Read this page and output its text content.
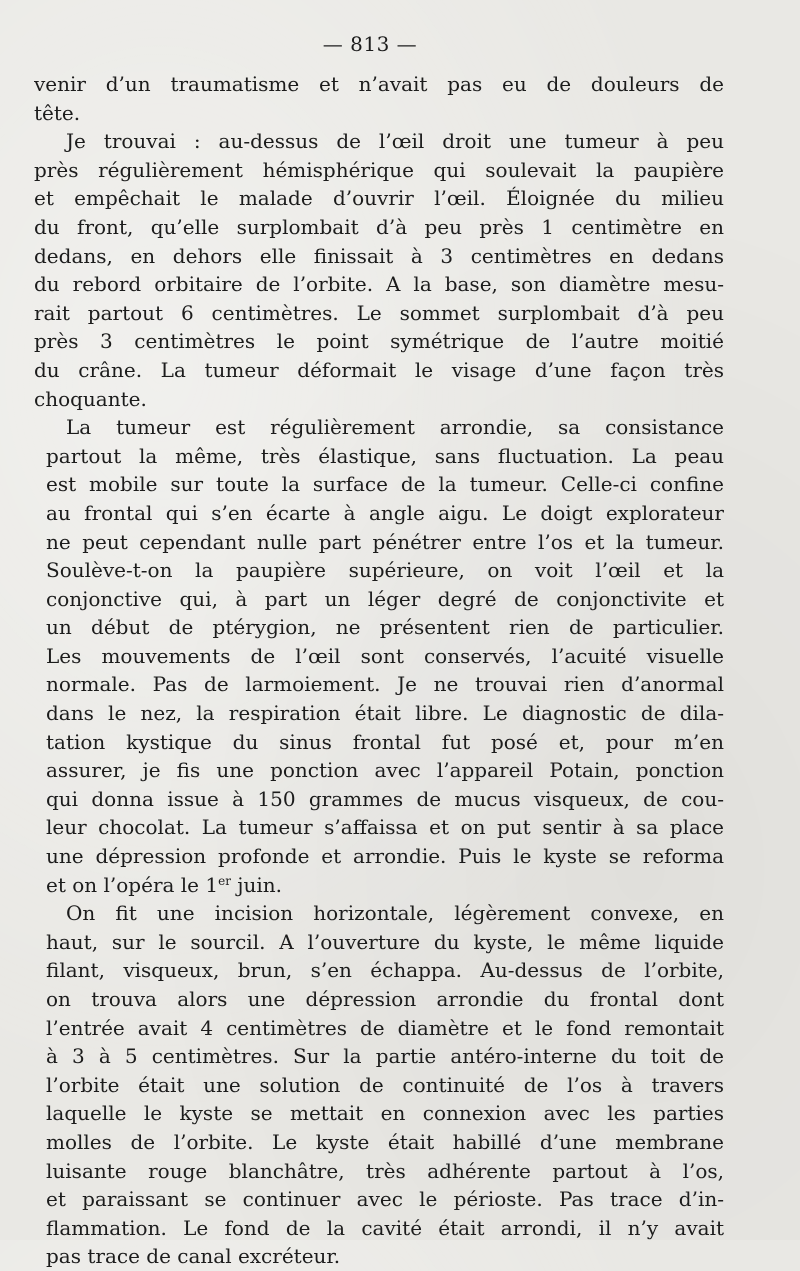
— 813 —
venir d’un traumatisme et n’avait pas eu de douleurs de
tête.
Je trouvai : au-dessus de l’œil droit une tumeur à peu
près régulièrement hémisphérique qui soulevait la paupière
et empêchait le malade d’ouvrir l’œil. Éloignée du milieu
du front, qu’elle surplombait d’à peu près 1 centimètre en
dedans, en dehors elle finissait à 3 centimètres en dedans
du rebord orbitaire de l’orbite. A la base, son diamètre mesu-
rait partout 6 centimètres. Le sommet surplombait d’à peu
près 3 centimètres le point symétrique de l’autre moitié
du crâne. La tumeur déformait le visage d’une façon très
choquante.
La tumeur est régulièrement arrondie, sa consistance
partout la même, très élastique, sans fluctuation. La peau
est mobile sur toute la surface de la tumeur. Celle-ci confine
au frontal qui s’en écarte à angle aigu. Le doigt explorateur
ne peut cependant nulle part pénétrer entre l’os et la tumeur.
Soulève-t-on la paupière supérieure, on voit l’œil et la
conjonctive qui, à part un léger degré de conjonctivite et
un début de ptérygion, ne présentent rien de particulier.
Les mouvements de l’œil sont conservés, l’acuité visuelle
normale. Pas de larmoiement. Je ne trouvai rien d’anormal
dans le nez, la respiration était libre. Le diagnostic de dila-
tation kystique du sinus frontal fut posé et, pour m’en
assurer, je fis une ponction avec l’appareil Potain, ponction
qui donna issue à 150 grammes de mucus visqueux, de cou-
leur chocolat. La tumeur s’affaissa et on put sentir à sa place
une dépression profonde et arrondie. Puis le kyste se reforma
et on l’opéra le 1er juin.
On fit une incision horizontale, légèrement convexe, en
haut, sur le sourcil. A l’ouverture du kyste, le même liquide
filant, visqueux, brun, s’en échappa. Au-dessus de l’orbite,
on trouva alors une dépression arrondie du frontal dont
l’entrée avait 4 centimètres de diamètre et le fond remontait
à 3 à 5 centimètres. Sur la partie antéro-interne du toit de
l’orbite était une solution de continuité de l’os à travers
laquelle le kyste se mettait en connexion avec les parties
molles de l’orbite. Le kyste était habillé d’une membrane
luisante rouge blanchâtre, très adhérente partout à l’os,
et paraissant se continuer avec le périoste. Pas trace d’in-
flammation. Le fond de la cavité était arrondi, il n’y avait
pas trace de canal excréteur.
